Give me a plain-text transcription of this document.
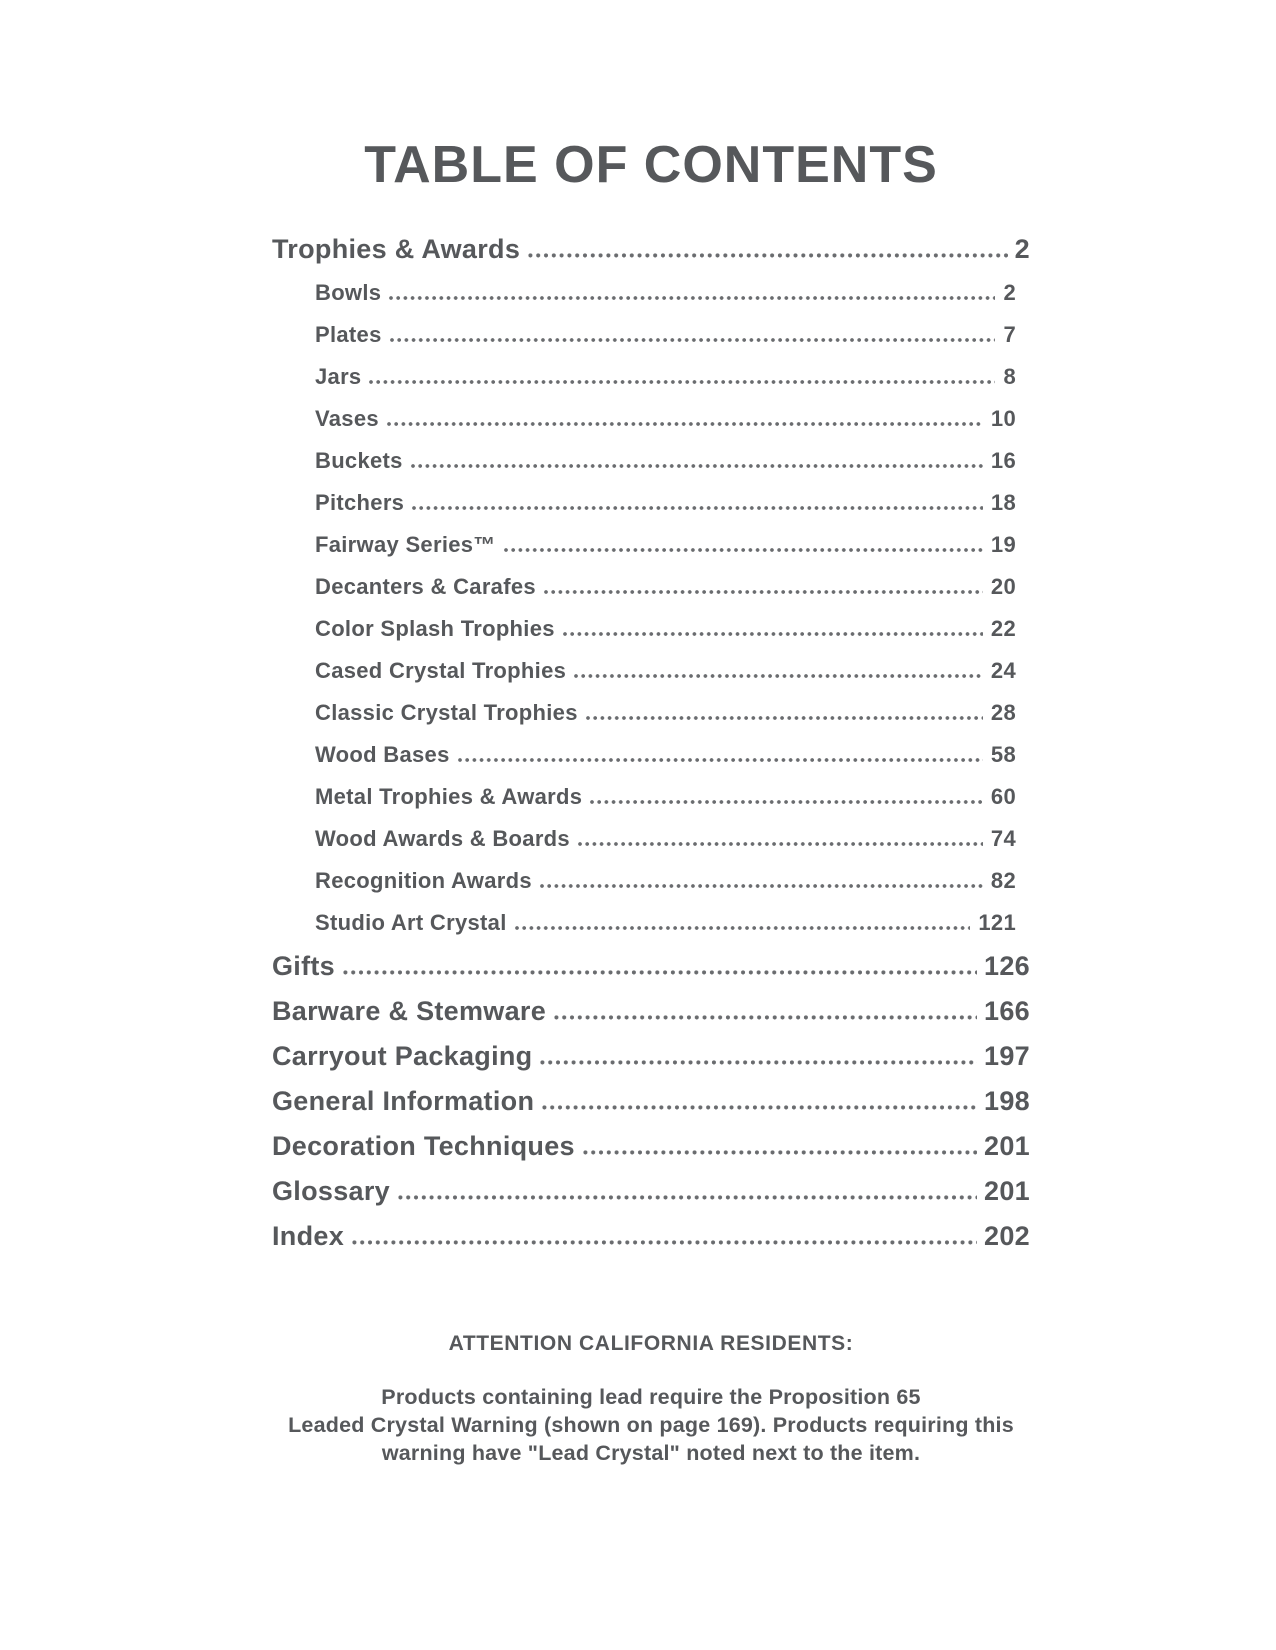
TABLE OF CONTENTS
Trophies & Awards	2
Bowls	2
Plates	7
Jars	8
Vases	10
Buckets	16
Pitchers	18
Fairway Series™	19
Decanters & Carafes	20
Color Splash Trophies	22
Cased Crystal Trophies	24
Classic Crystal Trophies	28
Wood Bases	58
Metal Trophies & Awards	60
Wood Awards & Boards	74
Recognition Awards	82
Studio Art Crystal	121
Gifts	126
Barware & Stemware	166
Carryout Packaging	197
General Information	198
Decoration Techniques	201
Glossary	201
Index	202
ATTENTION CALIFORNIA RESIDENTS:
Products containing lead require the Proposition 65
Leaded Crystal Warning (shown on page 169). Products requiring this
warning have "Lead Crystal" noted next to the item.
